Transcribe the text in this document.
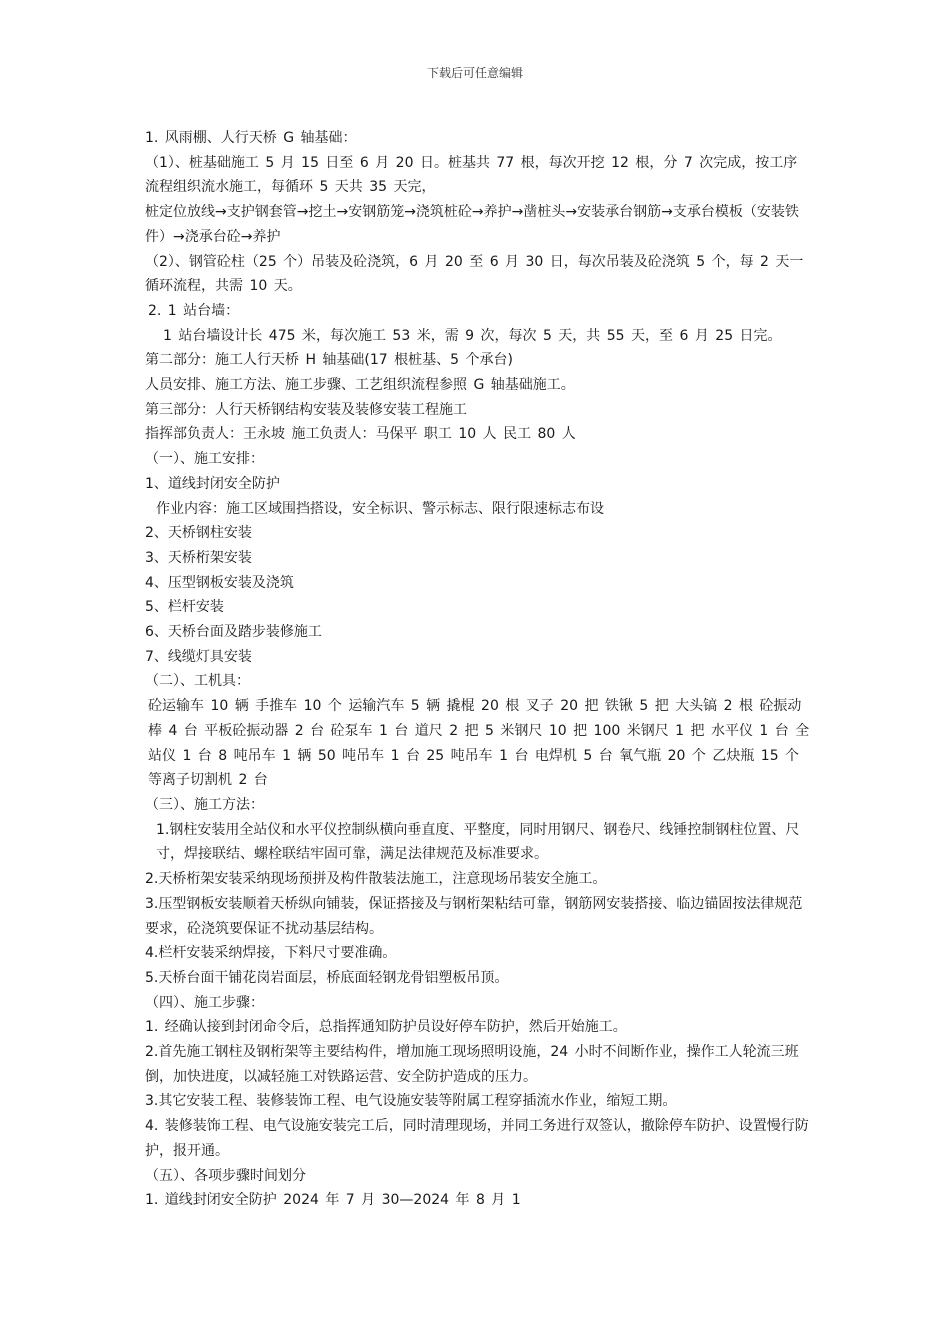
下载后可任意编辑
1. 风雨棚、人行天桥 G 轴基础：
（1）、桩基础施工 5 月 15 日至 6 月 20 日。桩基共 77 根，每次开挖 12 根，分 7 次完成，按工序流程组织流水施工，每循环 5 天共 35 天完，
桩定位放线→支护钢套管→挖土→安钢筋笼→浇筑桩砼→养护→凿桩头→安装承台钢筋→支承台模板（安装铁件）→浇承台砼→养护
（2）、钢管砼柱（25 个）吊装及砼浇筑，6 月 20 至 6 月 30 日，每次吊装及砼浇筑 5 个，每 2 天一循环流程，共需 10 天。
2. 1 站台墙：
1 站台墙设计长 475 米，每次施工 53 米，需 9 次，每次 5 天，共 55 天，至 6 月 25 日完。
第二部分：施工人行天桥 H 轴基础(17 根桩基、5 个承台)
人员安排、施工方法、施工步骤、工艺组织流程参照 G 轴基础施工。
第三部分：人行天桥钢结构安装及装修安装工程施工
指挥部负责人：王永坡 施工负责人：马保平 职工 10 人 民工 80 人
（一）、施工安排：
1、道线封闭安全防护
作业内容：施工区域围挡搭设，安全标识、警示标志、限行限速标志布设
2、天桥钢柱安装
3、天桥桁架安装
4、压型钢板安装及浇筑
5、栏杆安装
6、天桥台面及踏步装修施工
7、线缆灯具安装
（二）、工机具：
砼运输车 10 辆 手推车 10 个 运输汽车 5 辆 撬棍 20 根 叉子 20 把 铁锹 5 把 大头镐 2 根 砼振动棒 4 台 平板砼振动器 2 台 砼泵车 1 台 道尺 2 把 5 米钢尺 10 把 100 米钢尺 1 把 水平仪 1 台 全站仪 1 台 8 吨吊车 1 辆 50 吨吊车 1 台 25 吨吊车 1 台 电焊机 5 台 氧气瓶 20 个 乙炔瓶 15 个 等离子切割机 2 台
（三）、施工方法：
1.钢柱安装用全站仪和水平仪控制纵横向垂直度、平整度，同时用钢尺、钢卷尺、线锤控制钢柱位置、尺寸，焊接联结、螺栓联结牢固可靠，满足法律规范及标准要求。
2.天桥桁架安装采纳现场预拼及构件散装法施工，注意现场吊装安全施工。
3.压型钢板安装顺着天桥纵向铺装，保证搭接及与钢桁架粘结可靠，钢筋网安装搭接、临边锚固按法律规范要求，砼浇筑要保证不扰动基层结构。
4.栏杆安装采纳焊接，下料尺寸要准确。
5.天桥台面干铺花岗岩面层，桥底面轻钢龙骨铝塑板吊顶。
（四）、施工步骤：
1. 经确认接到封闭命令后，总指挥通知防护员设好停车防护，然后开始施工。
2.首先施工钢柱及钢桁架等主要结构件，增加施工现场照明设施，24 小时不间断作业，操作工人轮流三班倒，加快进度，以减轻施工对铁路运营、安全防护造成的压力。
3.其它安装工程、装修装饰工程、电气设施安装等附属工程穿插流水作业，缩短工期。
4. 装修装饰工程、电气设施安装完工后，同时清理现场，并同工务进行双签认，撤除停车防护、设置慢行防护，报开通。
（五）、各项步骤时间划分
1. 道线封闭安全防护 2024 年 7 月 30—2024 年 8 月 1
